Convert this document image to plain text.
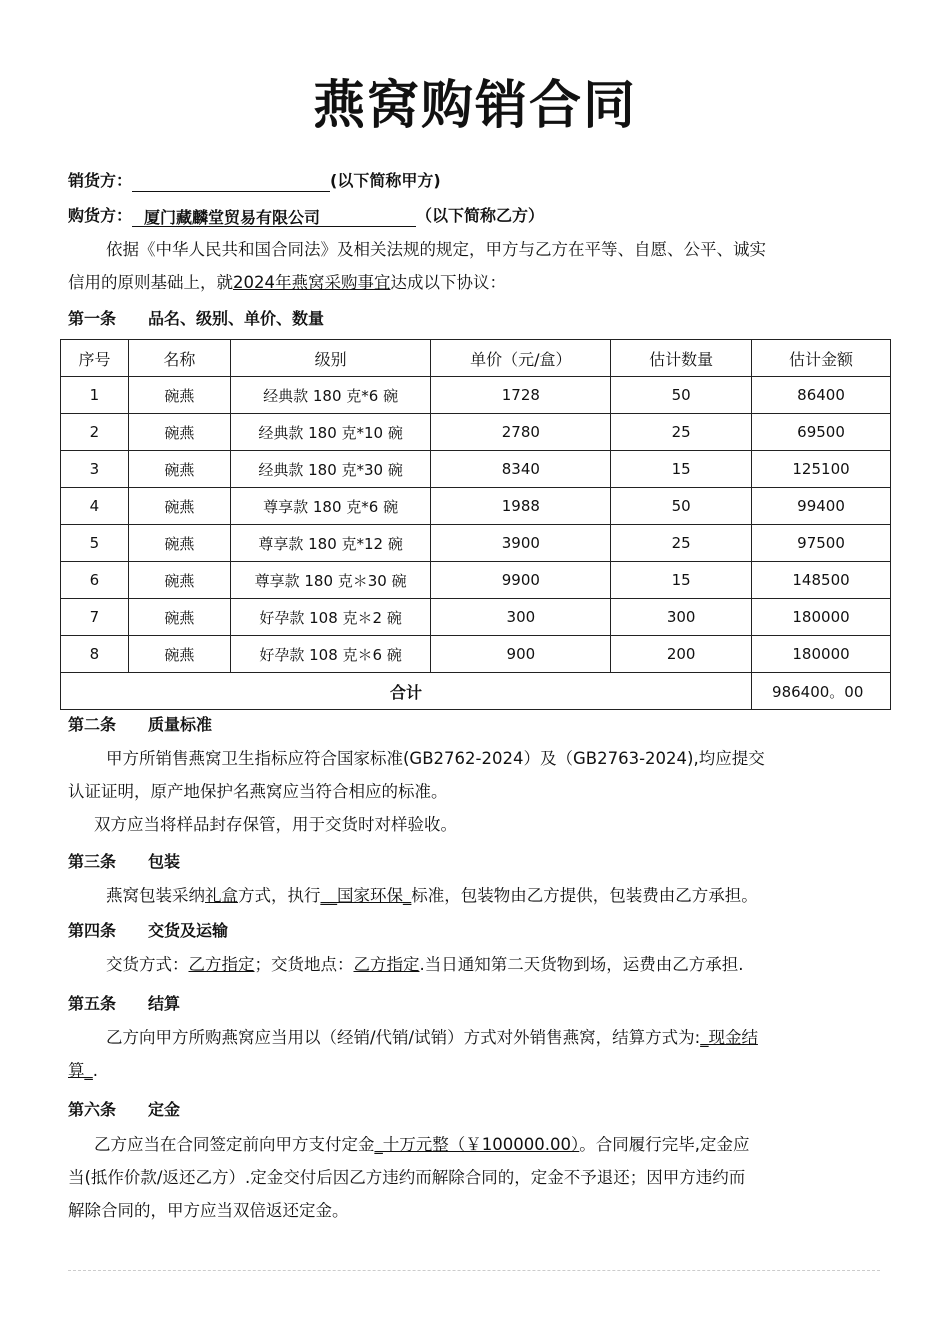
燕窝购销合同
销货方：	(以下简称甲方)
购货方： 厦门藏麟堂贸易有限公司	（以下简称乙方）
依据《中华人民共和国合同法》及相关法规的规定，甲方与乙方在平等、自愿、公平、诚实
信用的原则基础上，就2024年燕窝采购事宜达成以下协议：
第一条 品名、级别、单价、数量
序号	名称	级别	单价（元/盒）	估计数量	估计金额
1	碗燕	经典款 180 克*6 碗	1728	50	86400
2	碗燕	经典款 180 克*10 碗	2780	25	69500
3	碗燕	经典款 180 克*30 碗	8340	15	125100
4	碗燕	尊享款 180 克*6 碗	1988	50	99400
5	碗燕	尊享款 180 克*12 碗	3900	25	97500
6	碗燕	尊享款 180 克＊30 碗	9900	15	148500
7	碗燕	好孕款 108 克＊2 碗	300	300	180000
8	碗燕	好孕款 108 克＊6 碗	900	200	180000
合计					986400。00
第二条 质量标准
甲方所销售燕窝卫生指标应符合国家标准(GB2762-2024）及（GB2763-2024),均应提交
认证证明，原产地保护名燕窝应当符合相应的标准。
双方应当将样品封存保管，用于交货时对样验收。
第三条 包装
燕窝包装采纳礼盒方式，执行__国家环保_标准，包装物由乙方提供，包装费由乙方承担。
第四条 交货及运输
交货方式：乙方指定；交货地点：乙方指定.当日通知第二天货物到场，运费由乙方承担.
第五条 结算
乙方向甲方所购燕窝应当用以（经销/代销/试销）方式对外销售燕窝，结算方式为:_现金结
算_.
第六条 定金
乙方应当在合同签定前向甲方支付定金_十万元整（￥100000.00）。合同履行完毕,定金应
当(抵作价款/返还乙方）.定金交付后因乙方违约而解除合同的，定金不予退还；因甲方违约而
解除合同的，甲方应当双倍返还定金。
